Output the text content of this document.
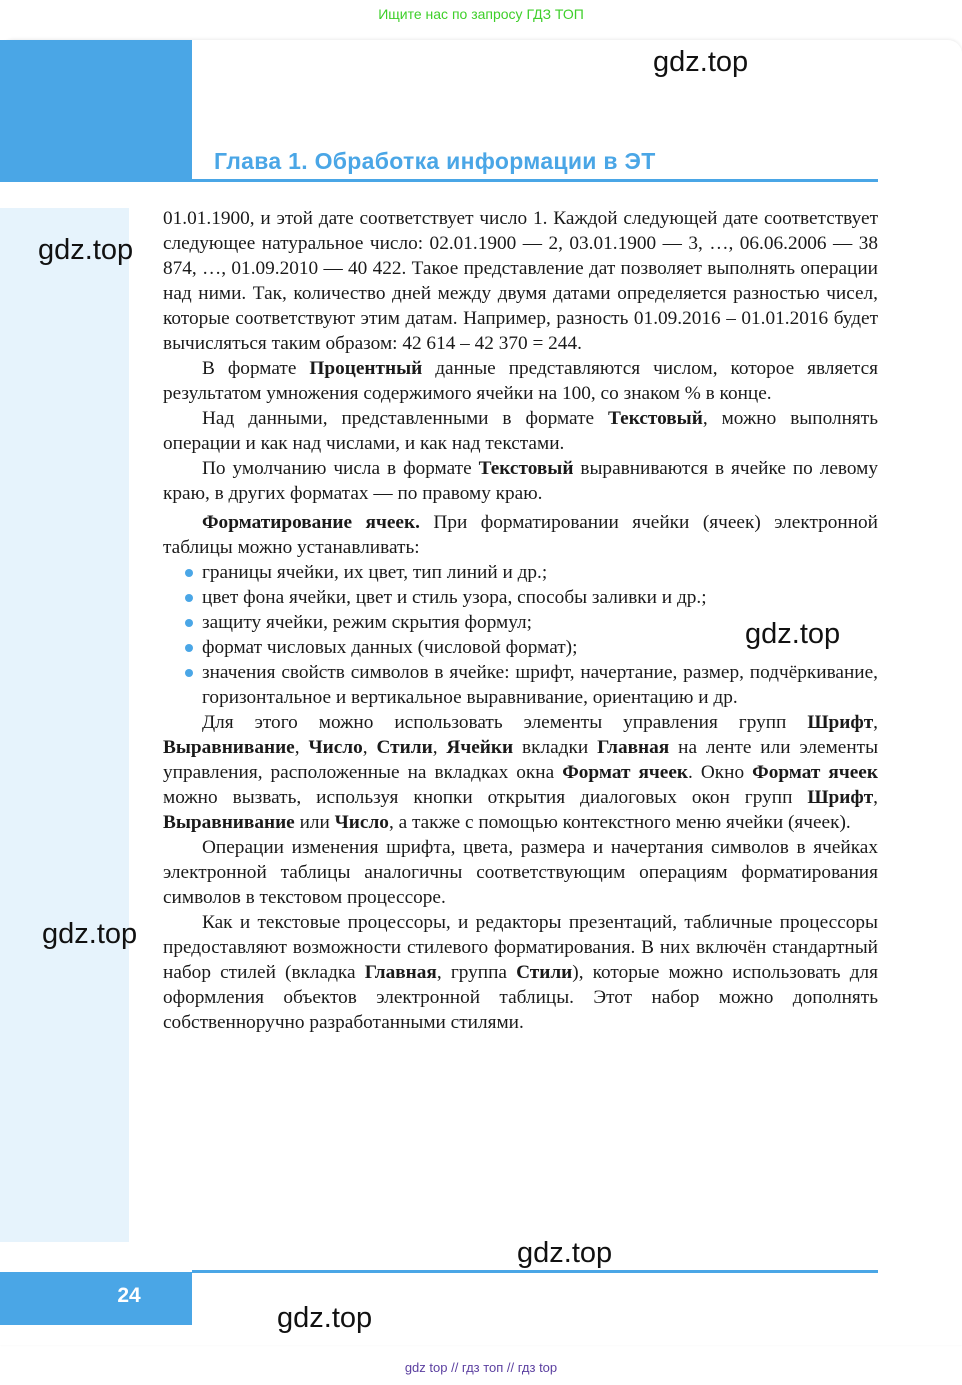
Ищите нас по запросу ГДЗ ТОП
Глава 1. Обработка информации в ЭТ
gdz.top
gdz.top
gdz.top
gdz.top
gdz.top
gdz.top

01.01.1900, и этой дате соответствует число 1. Каждой следующей дате соответствует следующее натуральное число: 02.01.1900 — 2, 03.01.1900 — 3, …, 06.06.2006 — 38 874, …, 01.09.2010 — 40 422. Такое представление дат позволяет выполнять операции над ними. Так, количество дней между двумя датами определяется разностью чисел, которые соответствуют этим датам. Например, разность 01.09.2016 – 01.01.2016 будет вычисляться таким образом: 42 614 – 42 370 = 244.

В формате Процентный данные представляются числом, которое является результатом умножения содержимого ячейки на 100, со знаком % в конце.

Над данными, представленными в формате Текстовый, можно выполнять операции и как над числами, и как над текстами.

По умолчанию числа в формате Текстовый выравниваются в ячейке по левому краю, в других форматах — по правому краю.

Форматирование ячеек. При форматировании ячейки (ячеек) электронной таблицы можно устанавливать:

границы ячейки, их цвет, тип линий и др.;
цвет фона ячейки, цвет и стиль узора, способы заливки и др.;
защиту ячейки, режим скрытия формул;
формат числовых данных (числовой формат);
значения свойств символов в ячейке: шрифт, начертание, размер, подчёркивание, горизонтальное и вертикальное выравнивание, ориентацию и др.

Для этого можно использовать элементы управления групп Шрифт, Выравнивание, Число, Стили, Ячейки вкладки Главная на ленте или элементы управления, расположенные на вкладках окна Формат ячеек. Окно Формат ячеек можно вызвать, используя кнопки открытия диалоговых окон групп Шрифт, Выравнивание или Число, а также с помощью контекстного меню ячейки (ячеек).

Операции изменения шрифта, цвета, размера и начертания символов в ячейках электронной таблицы аналогичны соответствующим операциям форматирования символов в текстовом процессоре.

Как и текстовые процессоры, и редакторы презентаций, табличные процессоры предоставляют возможности стилевого форматирования. В них включён стандартный набор стилей (вкладка Главная, группа Стили), которые можно использовать для оформления объектов электронной таблицы. Этот набор можно дополнять собственноручно разработанными стилями.

24
gdz top // гдз топ // гдз top
